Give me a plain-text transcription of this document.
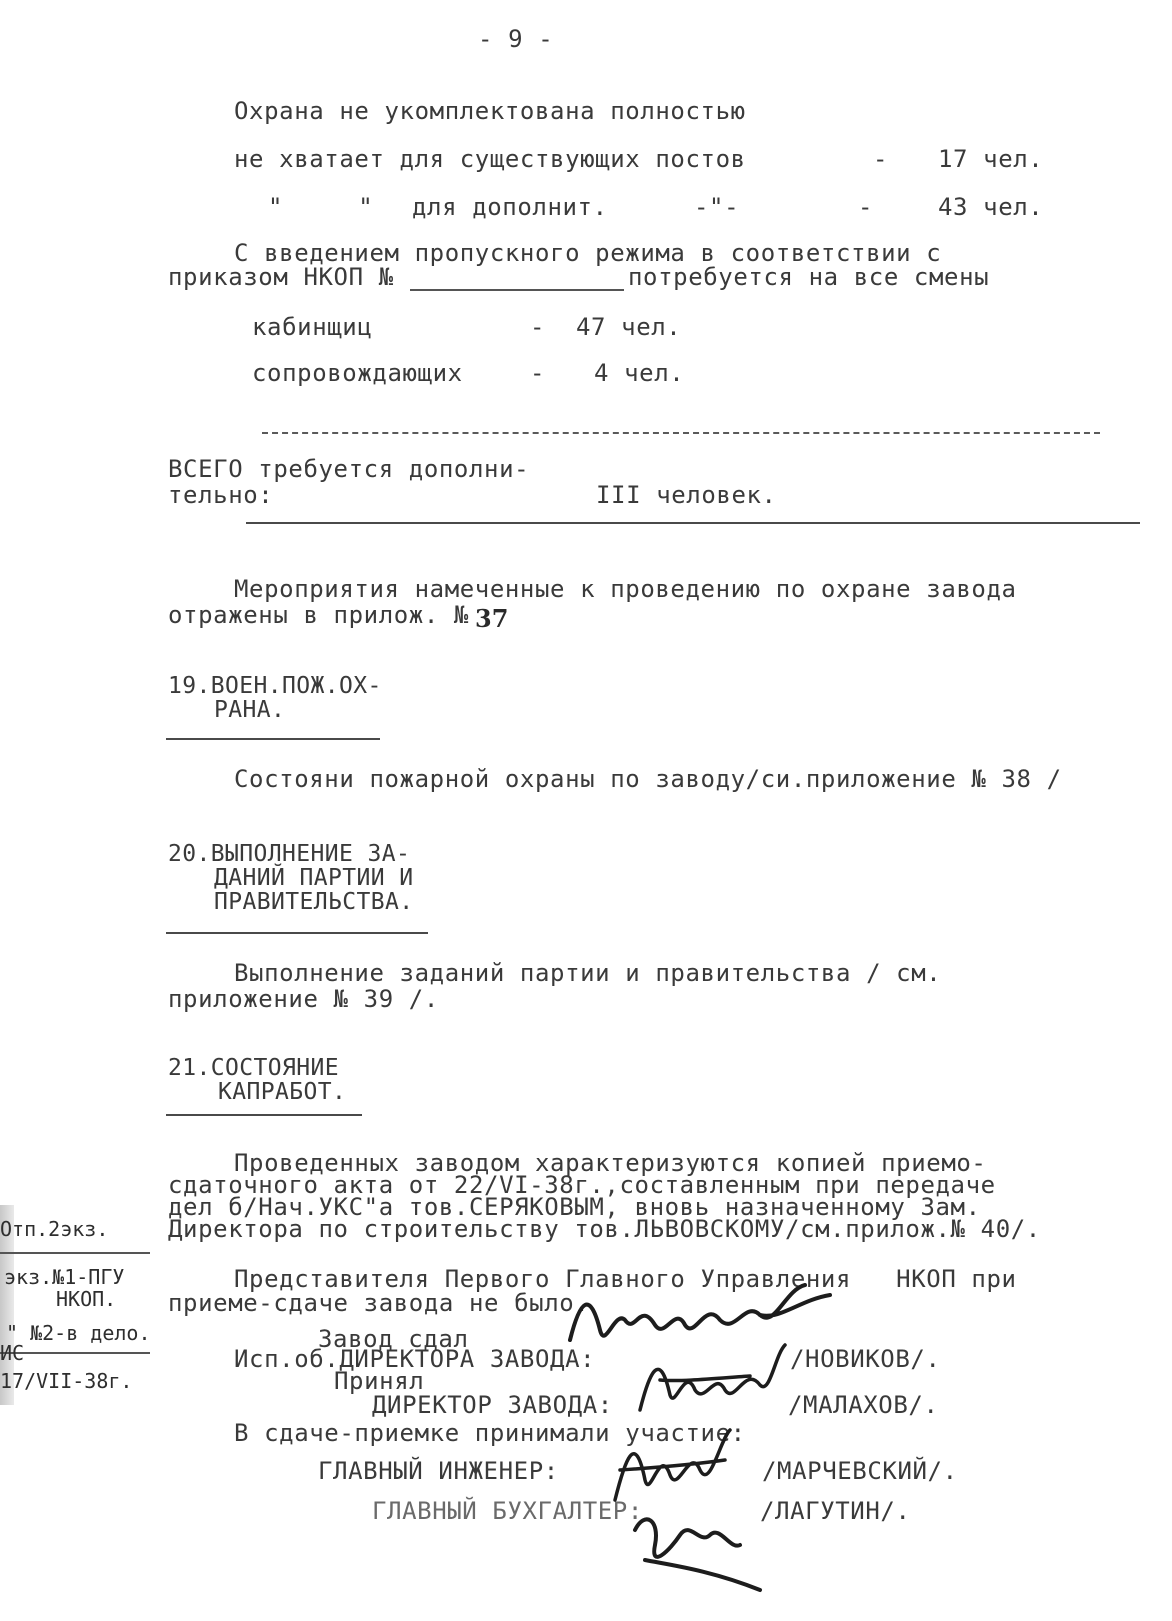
- 9 -
Охрана не укомплектована полностью
не хватает для существующих постов	- 17 чел.
"     " для дополнит.	-"-	-	43 чел.
С введением пропускного режима в соответствии с
приказом НКОП №	потребуется на все смены
кабинщиц	- 47 чел.
сопровождающих	- 4 чел.
ВСЕГО требуется дополни-
тельно:	III человек.
Мероприятия намеченные к проведению по охране завода
отражены в прилож. № 37
19.ВОЕН.ПОЖ.ОХ-
РАНА.
Состояни пожарной охраны по заводу/си.приложение № 38 /
20.ВЫПОЛНЕНИЕ ЗА-
ДАНИЙ ПАРТИИ И
ПРАВИТЕЛЬСТВА.
Выполнение заданий партии и правительства / см.
приложение № 39 /.
21.СОСТОЯНИЕ
КАПРАБОТ.
Проведенных заводом характеризуются копией приемо-
сдаточного акта от 22/VI-38г.,составленным при передаче
дел б/Нач.УКС"а тов.СЕРЯКОВЫМ, вновь назначенному Зам.
Директора по строительству тов.ЛЬВОВСКОМУ/см.прилож.№ 40/.
Представителя Первого Главного Управления   НКОП при
приеме-сдаче завода не было.
Завод сдал
Исп.об.ДИРЕКТОРА ЗАВОДА:	/НОВИКОВ/.
Принял
ДИРЕКТОР ЗАВОДА:	/МАЛАХОВ/.
В сдаче-приемке принимали участие:
ГЛАВНЫЙ ИНЖЕНЕР:	/МАРЧЕВСКИЙ/.
ГЛАВНЫЙ БУХГАЛТЕР:	/ЛАГУТИН/.
Отп.2экз.
экз.№1-ПГУ
НКОП.
" №2-в дело.
ИС
17/VII-38г.
